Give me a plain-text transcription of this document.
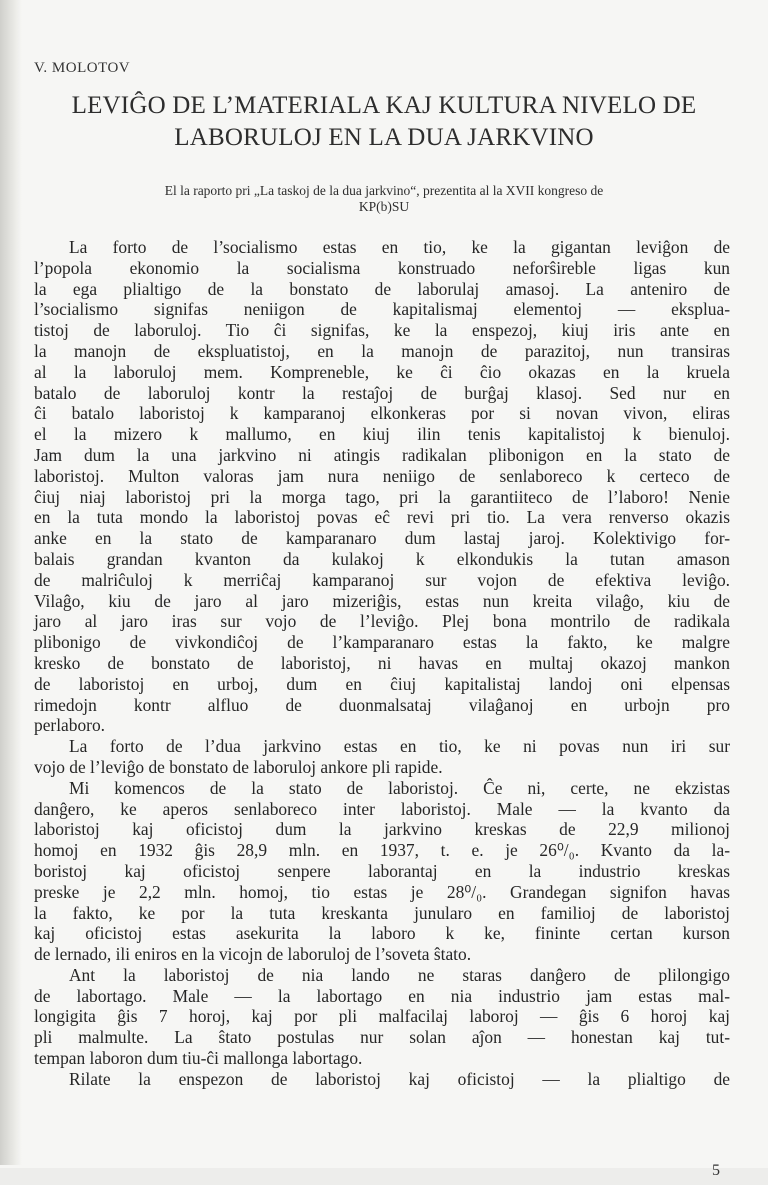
V. MOLOTOV
LEVIĜO DE L’MATERIALA KAJ KULTURA NIVELO DE
LABORULOJ EN LA DUA JARKVINO
El la raporto pri „La taskoj de la dua jarkvino“, prezentita al la XVII kongreso de
KP(b)SU
La forto de l’socialismo estas en tio, ke la gigantan leviĝon de
l’popola ekonomio la socialisma konstruado neforŝireble ligas kun
la ega plialtigo de la bonstato de laborulaj amasoj. La anteniro de
l’socialismo signifas neniigon de kapitalismaj elementoj — eksplua-
tistoj de laboruloj. Tio ĉi signifas, ke la enspezoj, kiuj iris ante en
la manojn de ekspluatistoj, en la manojn de parazitoj, nun transiras
al la laboruloj mem. Kompreneble, ke ĉi ĉio okazas en la kruela
batalo de laboruloj kontr la restaĵoj de burĝaj klasoj. Sed nur en
ĉi batalo laboristoj k kamparanoj elkonkeras por si novan vivon, eliras
el la mizero k mallumo, en kiuj ilin tenis kapitalistoj k bienuloj.
Jam dum la una jarkvino ni atingis radikalan plibonigon en la stato de
laboristoj. Multon valoras jam nura neniigo de senlaboreco k certeco de
ĉiuj niaj laboristoj pri la morga tago, pri la garantiiteco de l’laboro! Nenie
en la tuta mondo la laboristoj povas eĉ revi pri tio. La vera renverso okazis
anke en la stato de kamparanaro dum lastaj jaroj. Kolektivigo for-
balais grandan kvanton da kulakoj k elkondukis la tutan amason
de malriĉuloj k merriĉaj kamparanoj sur vojon de efektiva leviĝo.
Vilaĝo, kiu de jaro al jaro mizeriĝis, estas nun kreita vilaĝo, kiu de
jaro al jaro iras sur vojo de l’leviĝo. Plej bona montrilo de radikala
plibonigo de vivkondiĉoj de l’kamparanaro estas la fakto, ke malgre
kresko de bonstato de laboristoj, ni havas en multaj okazoj mankon
de laboristoj en urboj, dum en ĉiuj kapitalistaj landoj oni elpensas
rimedojn kontr alfluo de duonmalsataj vilaĝanoj en urbojn pro
perlaboro.
La forto de l’dua jarkvino estas en tio, ke ni povas nun iri sur
vojo de l’leviĝo de bonstato de laboruloj ankore pli rapide.
Mi komencos de la stato de laboristoj. Ĉe ni, certe, ne ekzistas
danĝero, ke aperos senlaboreco inter laboristoj. Male — la kvanto da
laboristoj kaj oficistoj dum la jarkvino kreskas de 22,9 milionoj
homoj en 1932 ĝis 28,9 mln. en 1937, t. e. je 26⁰/₀. Kvanto da la-
boristoj kaj oficistoj senpere laborantaj en la industrio kreskas
preske je 2,2 mln. homoj, tio estas je 28⁰/₀. Grandegan signifon havas
la fakto, ke por la tuta kreskanta junularo en familioj de laboristoj
kaj oficistoj estas asekurita la laboro k ke, fininte certan kurson
de lernado, ili eniros en la vicojn de laboruloj de l’soveta ŝtato.
Ant la laboristoj de nia lando ne staras danĝero de plilongigo
de labortago. Male — la labortago en nia industrio jam estas mal-
longigita ĝis 7 horoj, kaj por pli malfacilaj laboroj — ĝis 6 horoj kaj
pli malmulte. La ŝtato postulas nur solan aĵon — honestan kaj tut-
tempan laboron dum tiu-ĉi mallonga labortago.
Rilate la enspezon de laboristoj kaj oficistoj — la plialtigo de
5
